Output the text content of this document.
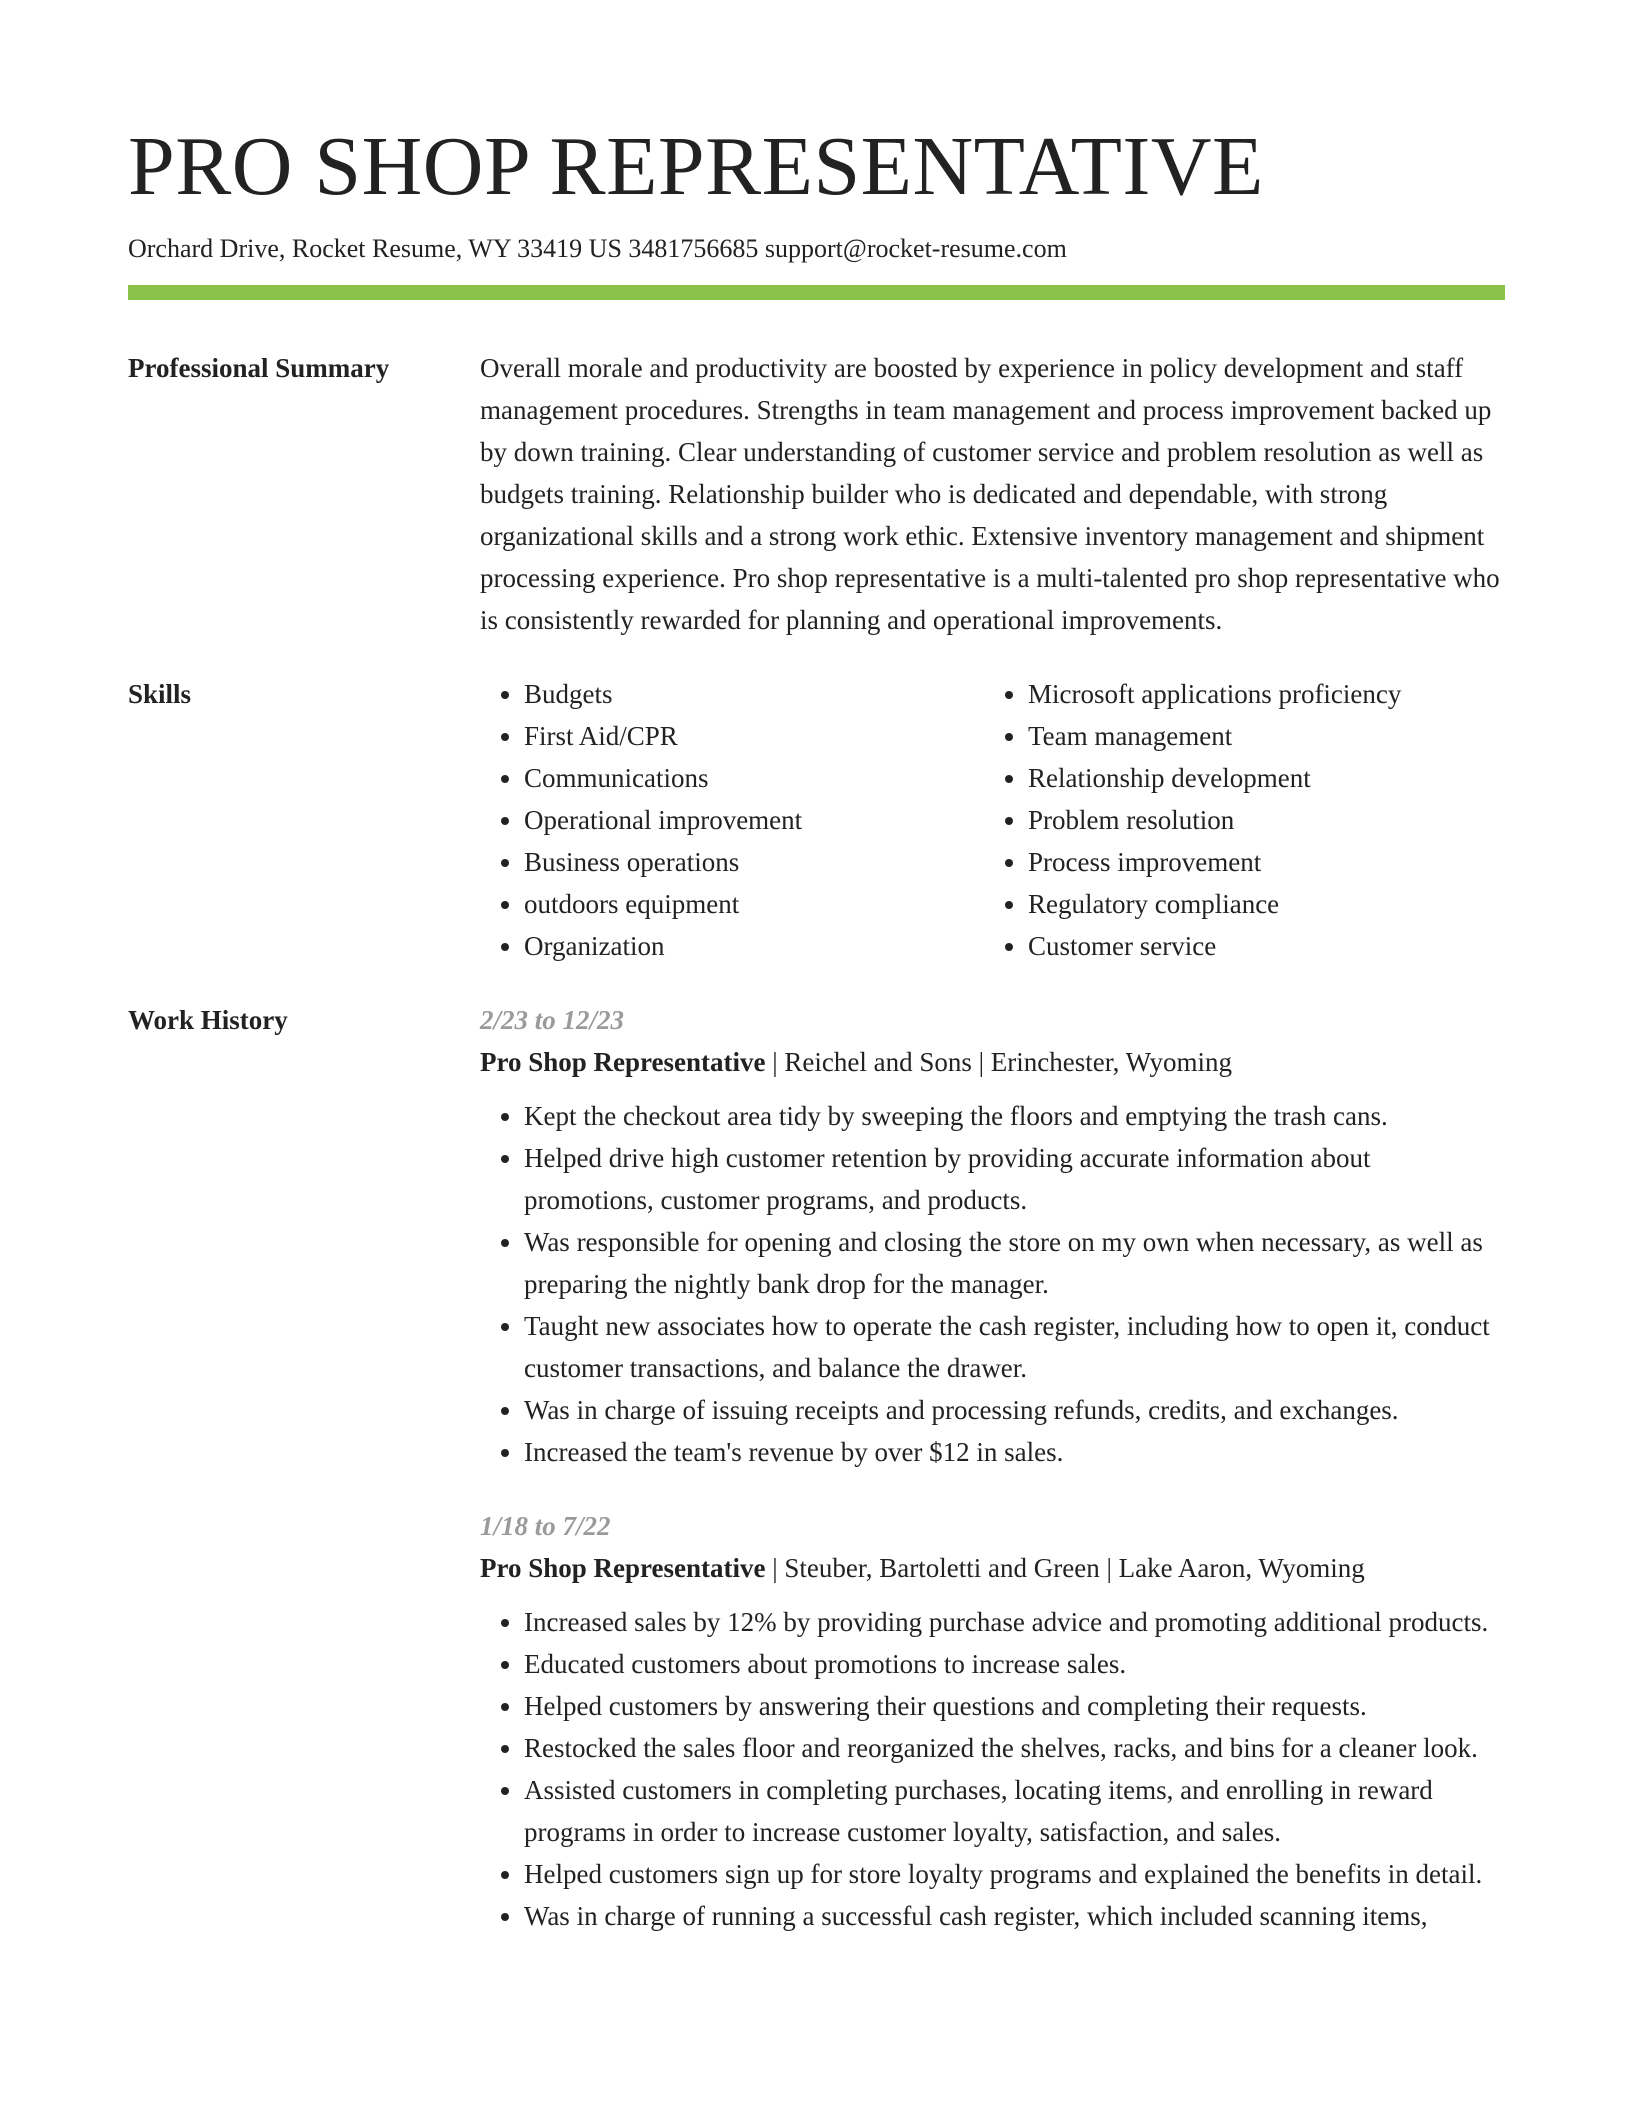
PRO SHOP REPRESENTATIVE
Orchard Drive, Rocket Resume, WY 33419 US 3481756685 support@rocket-resume.com
Professional Summary	Overall morale and productivity are boosted by experience in policy development and staff management procedures. Strengths in team management and process improvement backed up by down training. Clear understanding of customer service and problem resolution as well as budgets training. Relationship builder who is dedicated and dependable, with strong organizational skills and a strong work ethic. Extensive inventory management and shipment processing experience. Pro shop representative is a multi-talented pro shop representative who is consistently rewarded for planning and operational improvements.

Skills
•	Budgets
• First Aid/CPR
• Communications
• Operational improvement
• Business operations
• outdoors equipment
• Organization
• Microsoft applications proficiency
• Team management
• Relationship development
• Problem resolution
• Process improvement
• Regulatory compliance
• Customer service
Work History	2/23 to 12/23
Pro Shop Representative | Reichel and Sons | Erinchester, Wyoming
• Kept the checkout area tidy by sweeping the floors and emptying the trash cans.
• Helped drive high customer retention by providing accurate information about promotions, customer programs, and products.
• Was responsible for opening and closing the store on my own when necessary, as well as preparing the nightly bank drop for the manager.
• Taught new associates how to operate the cash register, including how to open it, conduct customer transactions, and balance the drawer.
• Was in charge of issuing receipts and processing refunds, credits, and exchanges.
• Increased the team's revenue by over $12 in sales.
1/18 to 7/22
Pro Shop Representative | Steuber, Bartoletti and Green | Lake Aaron, Wyoming
• Increased sales by 12% by providing purchase advice and promoting additional products.
• Educated customers about promotions to increase sales.
• Helped customers by answering their questions and completing their requests.
• Restocked the sales floor and reorganized the shelves, racks, and bins for a cleaner look.
• Assisted customers in completing purchases, locating items, and enrolling in reward programs in order to increase customer loyalty, satisfaction, and sales.
• Helped customers sign up for store loyalty programs and explained the benefits in detail.
• Was in charge of running a successful cash register, which included scanning items,
